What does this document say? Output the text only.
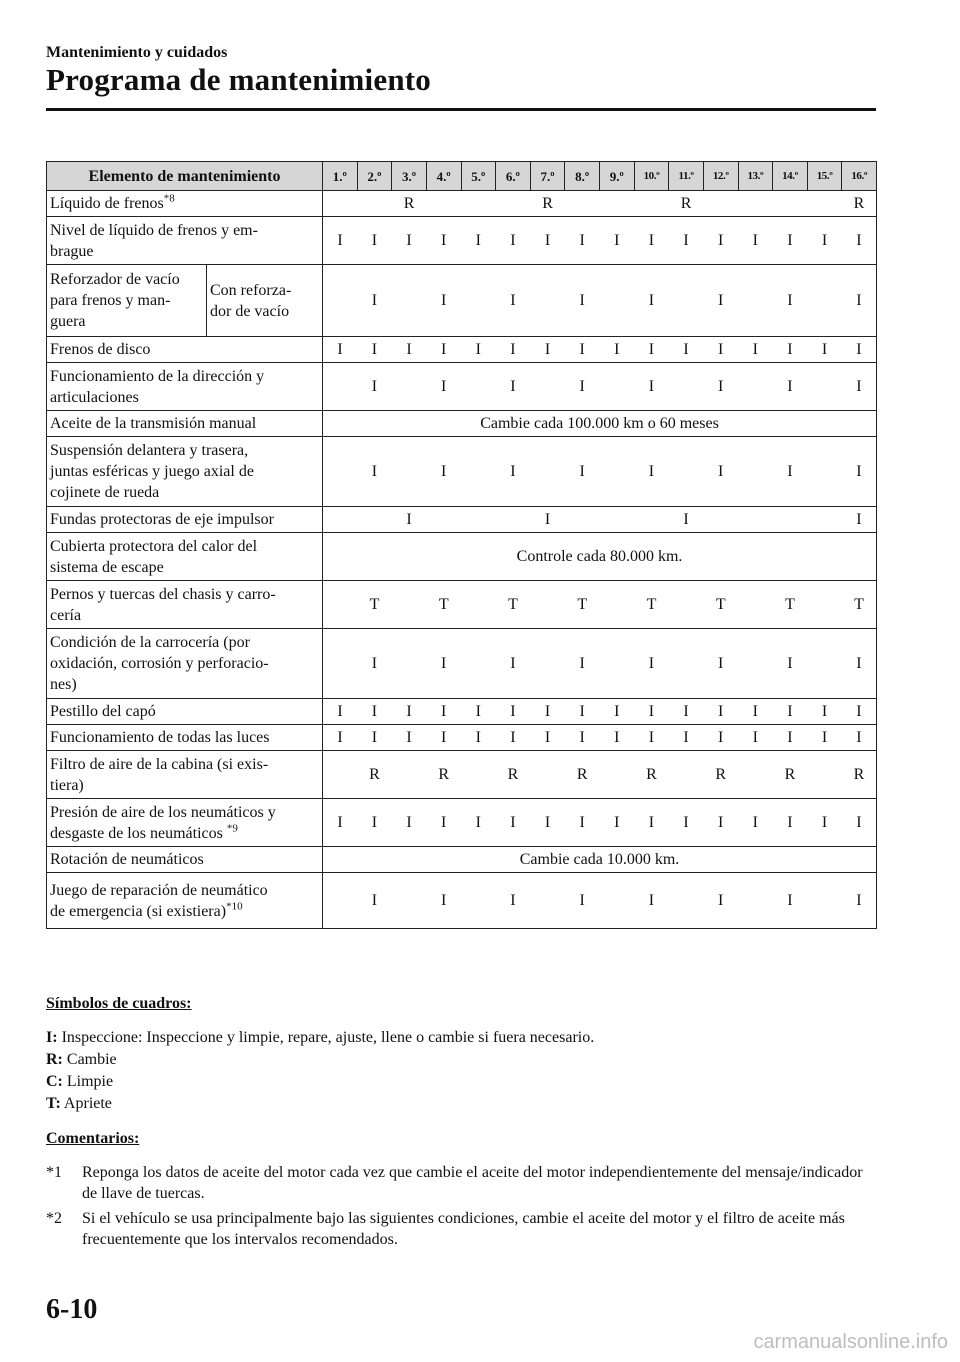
Mantenimiento y cuidados
Programa de mantenimiento
Elemento de mantenimiento		1.º	2.º	3.º	4.º	5.º	6.º	7.º	8.º	9.º	10.º	11.º	12.º	13.º	14.º	15.º	16.º
Líquido de frenos$^{*8}$				R				R				R					R
Nivel de líquido de frenos y em-
brague		I	I	I	I	I	I	I	I	I	I	I	I	I	I	I	I
Reforzador de vacío
para frenos y man-
guera	Con reforza-
dor de vacío		I		I		I		I		I		I		I		I
Frenos de disco		I	I	I	I	I	I	I	I	I	I	I	I	I	I	I	I
Funcionamiento de la dirección y
articulaciones			I		I		I		I		I		I		I		I
Aceite de la transmisión manual		Cambie cada 100.000 km o 60 meses															
Suspensión delantera y trasera,
juntas esféricas y juego axial de
cojinete de rueda			I		I		I		I		I		I		I		I
Fundas protectoras de eje impulsor				I				I				I					I
Cubierta protectora del calor del
sistema de escape		Controle cada 80.000 km.															
Pernos y tuercas del chasis y carro-
cería			T		T		T		T		T		T		T		T
Condición de la carrocería (por
oxidación, corrosión y perforacio-
nes)			I		I		I		I		I		I		I		I
Pestillo del capó		I	I	I	I	I	I	I	I	I	I	I	I	I	I	I	I
Funcionamiento de todas las luces		I	I	I	I	I	I	I	I	I	I	I	I	I	I	I	I
Filtro de aire de la cabina (si exis-
tiera)			R		R		R		R		R		R		R		R
Presión de aire de los neumáticos y
desgaste de los neumáticos $^{*9}$		I	I	I	I	I	I	I	I	I	I	I	I	I	I	I	I
Rotación de neumáticos		Cambie cada 10.000 km.															
Juego de reparación de neumático
de emergencia (si existiera)$^{*10}$			I		I		I		I		I		I		I		I
Símbolos de cuadros:
I: Inspeccione: Inspeccione y limpie, repare, ajuste, llene o cambie si fuera necesario.
R: Cambie
C: Limpie
T: Apriete
Comentarios:
*1 Reponga los datos de aceite del motor cada vez que cambie el aceite del motor independientemente del mensaje/indicador de llave de tuercas.
*2 Si el vehículo se usa principalmente bajo las siguientes condiciones, cambie el aceite del motor y el filtro de aceite más frecuentemente que los intervalos recomendados.
6-10
carmanualsonline.info
